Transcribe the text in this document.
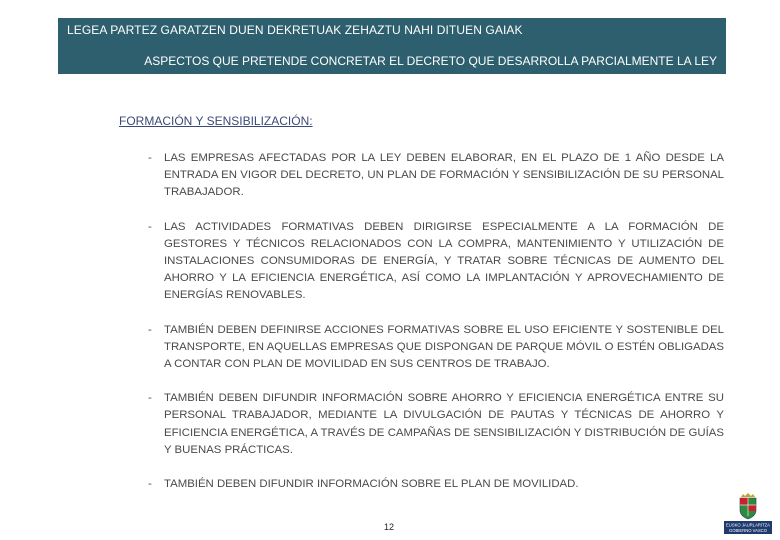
LEGEA PARTEZ GARATZEN DUEN DEKRETUAK ZEHAZTU NAHI DITUEN GAIAK
ASPECTOS QUE PRETENDE CONCRETAR EL DECRETO QUE DESARROLLA PARCIALMENTE LA LEY
FORMACIÓN Y SENSIBILIZACIÓN:
- LAS EMPRESAS AFECTADAS POR LA LEY DEBEN ELABORAR, EN EL PLAZO DE 1 AÑO DESDE LA ENTRADA EN VIGOR DEL DECRETO, UN PLAN DE FORMACIÓN Y SENSIBILIZACIÓN DE SU PERSONAL TRABAJADOR.
- LAS ACTIVIDADES FORMATIVAS DEBEN DIRIGIRSE ESPECIALMENTE A LA FORMACIÓN DE GESTORES Y TÉCNICOS RELACIONADOS CON LA COMPRA, MANTENIMIENTO Y UTILIZACIÓN DE INSTALACIONES CONSUMIDORAS DE ENERGÍA, Y TRATAR SOBRE TÉCNICAS DE AUMENTO DEL AHORRO Y LA EFICIENCIA ENERGÉTICA, ASÍ COMO LA IMPLANTACIÓN Y APROVECHAMIENTO DE ENERGÍAS RENOVABLES.
- TAMBIÉN DEBEN DEFINIRSE ACCIONES FORMATIVAS SOBRE EL USO EFICIENTE Y SOSTENIBLE DEL TRANSPORTE, EN AQUELLAS EMPRESAS QUE DISPONGAN DE PARQUE MÓVIL O ESTÉN OBLIGADAS A CONTAR CON PLAN DE MOVILIDAD EN SUS CENTROS DE TRABAJO.
- TAMBIÉN DEBEN DIFUNDIR INFORMACIÓN SOBRE AHORRO Y EFICIENCIA ENERGÉTICA ENTRE SU PERSONAL TRABAJADOR, MEDIANTE LA DIVULGACIÓN DE PAUTAS Y TÉCNICAS DE AHORRO Y EFICIENCIA ENERGÉTICA, A TRAVÉS DE CAMPAÑAS DE SENSIBILIZACIÓN Y DISTRIBUCIÓN DE GUÍAS Y BUENAS PRÁCTICAS.
- TAMBIÉN DEBEN DIFUNDIR INFORMACIÓN SOBRE EL PLAN DE MOVILIDAD.
12	EUSKO JAURLARITZA
GOBIERNO VASCO
